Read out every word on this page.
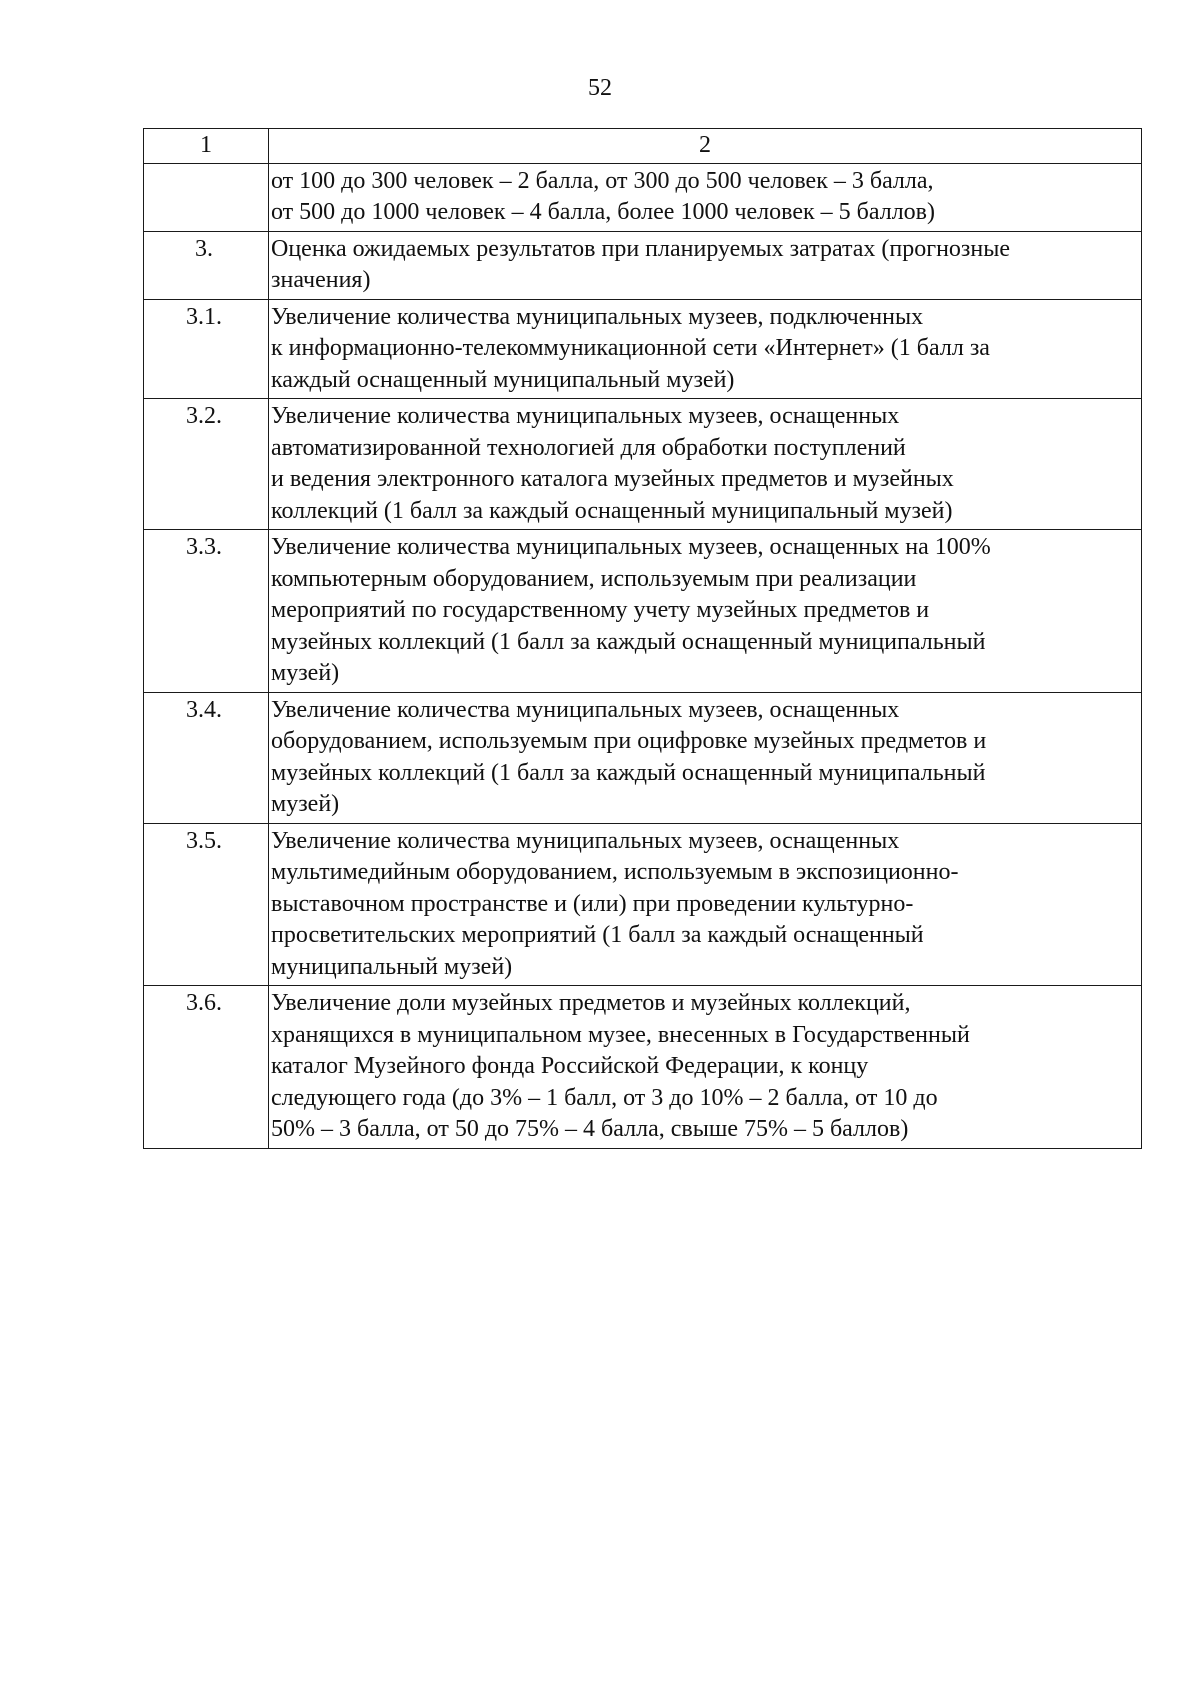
52
1	2

	от 100 до 300 человек – 2 балла, от 300 до 500 человек – 3 балла,
от 500 до 1000 человек – 4 балла, более 1000 человек – 5 баллов)

3.	Оценка ожидаемых результатов при планируемых затратах (прогнозные
значения)

3.1.	Увеличение количества муниципальных музеев, подключенных
к информационно-телекоммуникационной сети «Интернет» (1 балл за
каждый оснащенный муниципальный музей)

3.2.	Увеличение количества муниципальных музеев, оснащенных
автоматизированной технологией для обработки поступлений
и ведения электронного каталога музейных предметов и музейных
коллекций (1 балл за каждый оснащенный муниципальный музей)

3.3.	Увеличение количества муниципальных музеев, оснащенных на 100%
компьютерным оборудованием, используемым при реализации
мероприятий по государственному учету музейных предметов и
музейных коллекций (1 балл за каждый оснащенный муниципальный
музей)

3.4.	Увеличение количества муниципальных музеев, оснащенных
оборудованием, используемым при оцифровке музейных предметов и
музейных коллекций (1 балл за каждый оснащенный муниципальный
музей)

3.5.	Увеличение количества муниципальных музеев, оснащенных
мультимедийным оборудованием, используемым в экспозиционно-
выставочном пространстве и (или) при проведении культурно-
просветительских мероприятий (1 балл за каждый оснащенный
муниципальный музей)

3.6.	Увеличение доли музейных предметов и музейных коллекций,
хранящихся в муниципальном музее, внесенных в Государственный
каталог Музейного фонда Российской Федерации, к концу
следующего года (до 3% – 1 балл, от 3 до 10% – 2 балла, от 10 до
50% – 3 балла, от 50 до 75% – 4 балла, свыше 75% – 5 баллов)
